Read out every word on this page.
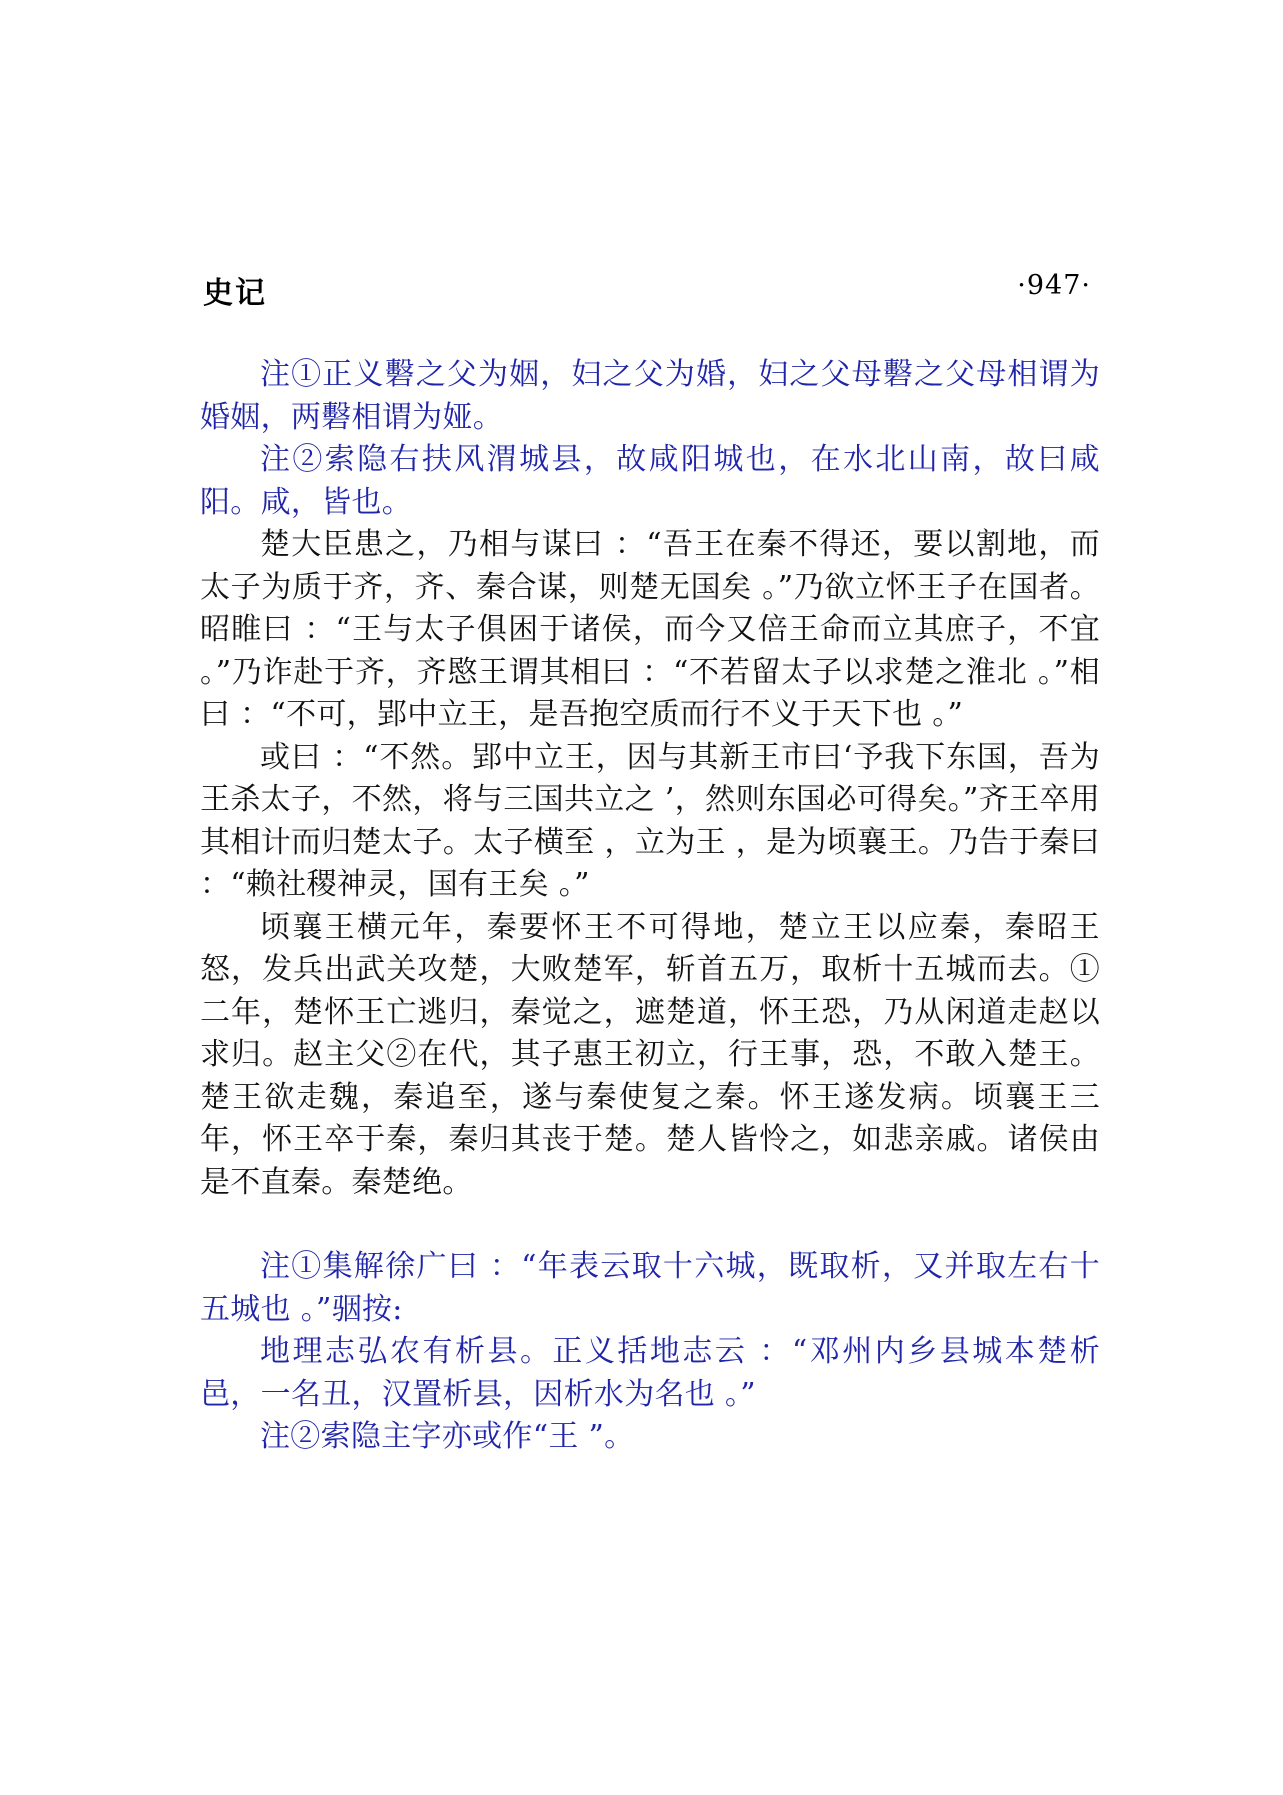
史记	·947·

注①正义礊之父为姻，妇之父为婚，妇之父母礊之父母相谓为婚姻，两礊相谓为娅。

注②索隐右扶风渭城县，故咸阳城也，在水北山南，故曰咸阳。咸，皆也。

楚大臣患之，乃相与谋曰 ：“吾王在秦不得还，要以割地，而太子为质于齐，齐、秦合谋，则楚无国矣 。”乃欲立怀王子在国者。昭睢曰 ：“王与太子俱困于诸侯，而今又倍王命而立其庶子，不宜 。”乃诈赴于齐，齐愍王谓其相曰 ：“不若留太子以求楚之淮北 。”相曰 ：“不可，郢中立王，是吾抱空质而行不义于天下也 。”

或曰 ：“不然。郢中立王，因与其新王市曰‘予我下东国，吾为王杀太子，不然，将与三国共立之 ’，然则东国必可得矣。”齐王卒用其相计而归楚太子。太子横至 ，立为王 ，是为顷襄王。乃告于秦曰 ：“赖社稷神灵，国有王矣 。”

顷襄王横元年，秦要怀王不可得地，楚立王以应秦，秦昭王怒，发兵出武关攻楚，大败楚军，斩首五万，取析十五城而去。①二年，楚怀王亡逃归，秦觉之，遮楚道，怀王恐，乃从闲道走赵以求归。赵主父②在代，其子惠王初立，行王事，恐，不敢入楚王。楚王欲走魏，秦追至，遂与秦使复之秦。怀王遂发病。顷襄王三年，怀王卒于秦，秦归其丧于楚。楚人皆怜之，如悲亲戚。诸侯由是不直秦。秦楚绝。

注①集解徐广曰 ：“年表云取十六城，既取析，又并取左右十五城也 。”骃按:

地理志弘农有析县。正义括地志云 ：“邓州内乡县城本楚析邑，一名丑，汉置析县，因析水为名也 。”

注②索隐主字亦或作“王 ”。
